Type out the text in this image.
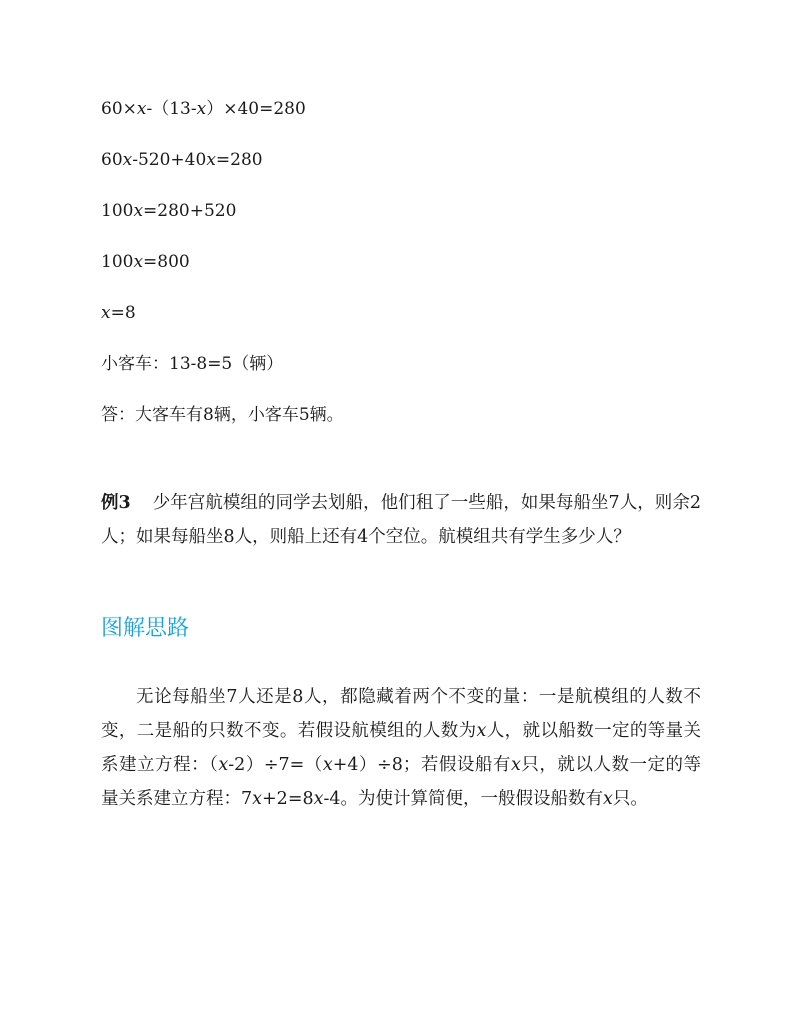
60×x-（13-x）×40=280

60x-520+40x=280

100x=280+520

100x=800

x=8

小客车：13-8=5（辆）

答：大客车有8辆，小客车5辆。

例3 少年宫航模组的同学去划船，他们租了一些船，如果每船坐7人，则余2人；如果每船坐8人，则船上还有4个空位。航模组共有学生多少人？

图解思路

无论每船坐7人还是8人，都隐藏着两个不变的量：一是航模组的人数不变，二是船的只数不变。若假设航模组的人数为x人，就以船数一定的等量关系建立方程：（x-2）÷7=（x+4）÷8；若假设船有x只，就以人数一定的等量关系建立方程：7x+2=8x-4。为使计算简便，一般假设船数有x只。
